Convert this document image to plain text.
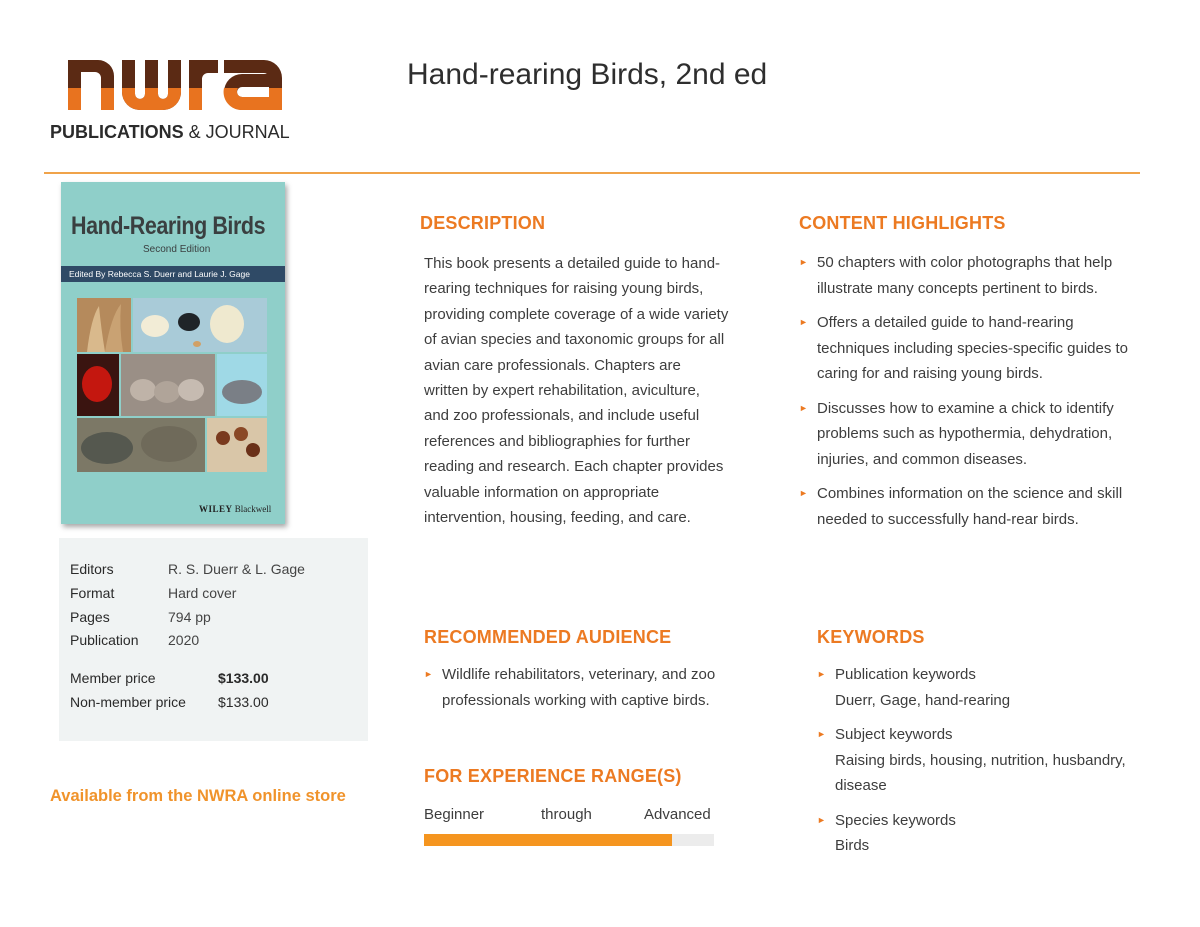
PUBLICATIONS & JOURNAL
Hand-rearing Birds, 2nd ed
Hand-Rearing Birds
Second Edition
Edited By Rebecca S. Duerr and Laurie J. Gage
WILEY Blackwell
Editors	R. S. Duerr & L. Gage
Format	Hard cover
Pages	794 pp
Publication 2020
Member price	$133.00
Non-member price $133.00
Available from the NWRA online store
DESCRIPTION
This book presents a detailed guide to hand-rearing techniques for raising young birds, providing complete coverage of a wide variety of avian species and taxonomic groups for all avian care professionals. Chapters are written by expert rehabilitation, aviculture, and zoo professionals, and include useful references and bibliographies for further reading and research. Each chapter provides valuable information on appropriate intervention, housing, feeding, and care.
CONTENT HIGHLIGHTS
► 50 chapters with color photographs that help illustrate many concepts pertinent to birds.
► Offers a detailed guide to hand-rearing techniques including species-specific guides to caring for and raising young birds.
► Discusses how to examine a chick to identify problems such as hypothermia, dehydration, injuries, and common diseases.
► Combines information on the science and skill needed to successfully hand-rear birds.
RECOMMENDED AUDIENCE
► Wildlife rehabilitators, veterinary, and zoo professionals working with captive birds.
FOR EXPERIENCE RANGE(S)
Beginner	through	Advanced
KEYWORDS
► Publication keywords
Duerr, Gage, hand-rearing
► Subject keywords
Raising birds, housing, nutrition, husbandry, disease
► Species keywords
Birds
